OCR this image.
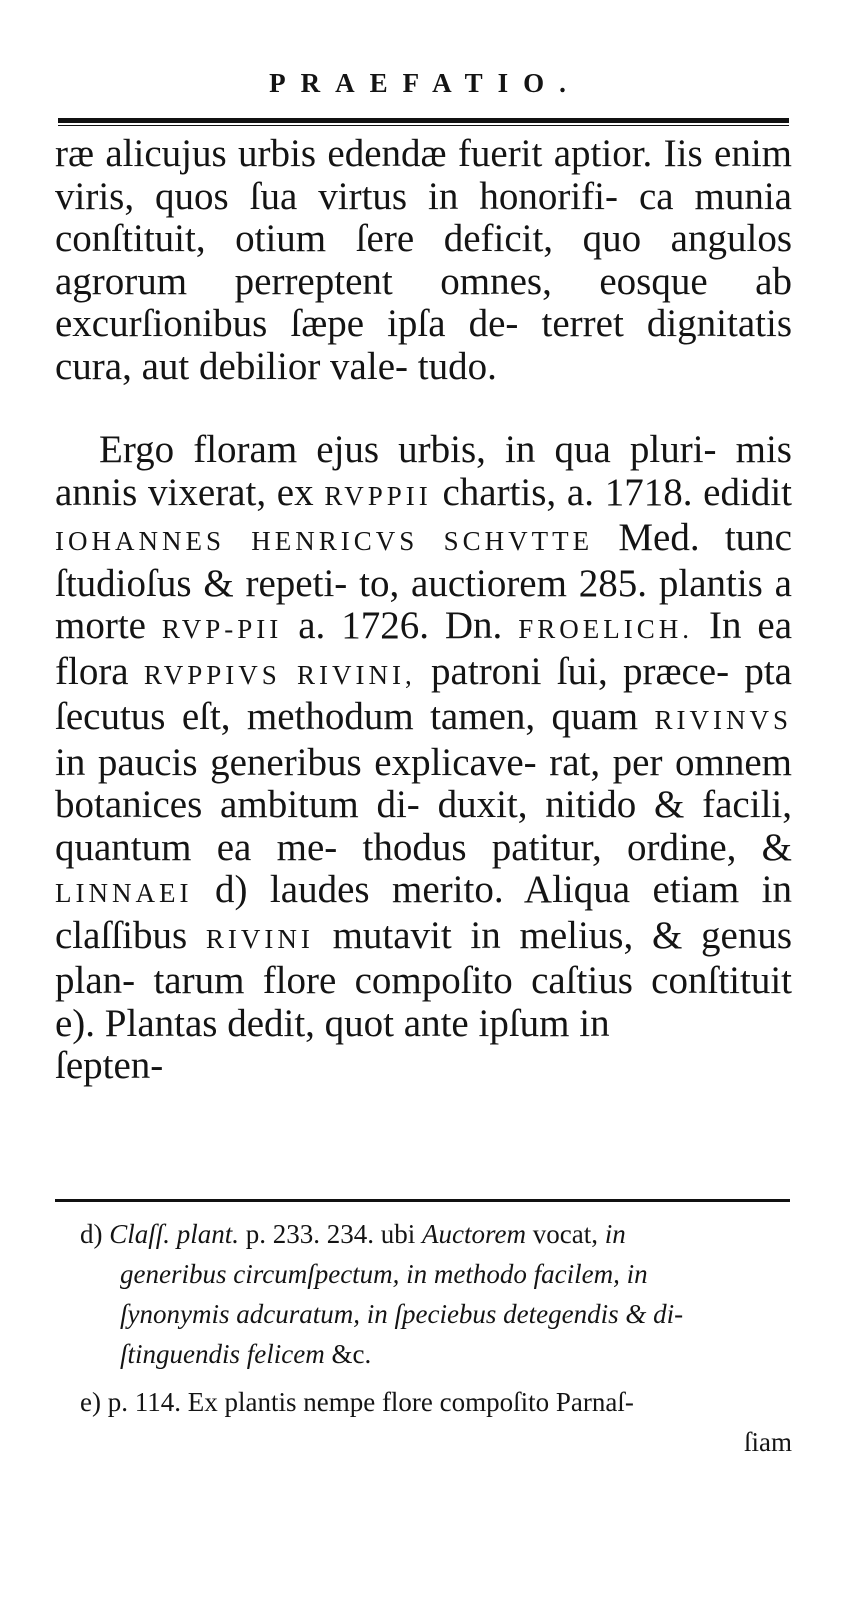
PRAEFATIO.

ræ alicujus urbis edendæ fuerit aptior. Iis enim viris, quos ſua virtus in honorifi- ca munia conſtituit, otium ſere deficit, quo angulos agrorum perreptent omnes, eosque ab excurſionibus ſæpe ipſa de- terret dignitatis cura, aut debilior vale- tudo.

Ergo floram ejus urbis, in qua pluri- mis annis vixerat, ex RVPPII chartis, a. 1718. edidit IOHANNES HENRICVS SCHVTTE Med. tunc ſtudioſus & repeti- to, auctiorem 285. plantis a morte RVP-PII a. 1726. Dn. FROELICH. In ea flora RVPPIVS RIVINI, patroni ſui, præce- pta ſecutus eſt, methodum tamen, quam RIVINVS in paucis generibus explicave- rat, per omnem botanices ambitum di- duxit, nitido & facili, quantum ea me- thodus patitur, ordine, & LINNAEI d) laudes merito. Aliqua etiam in claſſibus RIVINI mutavit in melius, & genus plan- tarum flore compoſito caſtius conſtituit e). Plantas dedit, quot ante ipſum in

ſepten-

d) Claſſ. plant. p. 233. 234. ubi Auctorem vocat, in
generibus circumſpectum, in methodo facilem, in
ſynonymis adcuratum, in ſpeciebus detegendis & di-
ſtinguendis felicem &c.
e) p. 114. Ex plantis nempe flore compoſito Parnaſ-
ſiam
